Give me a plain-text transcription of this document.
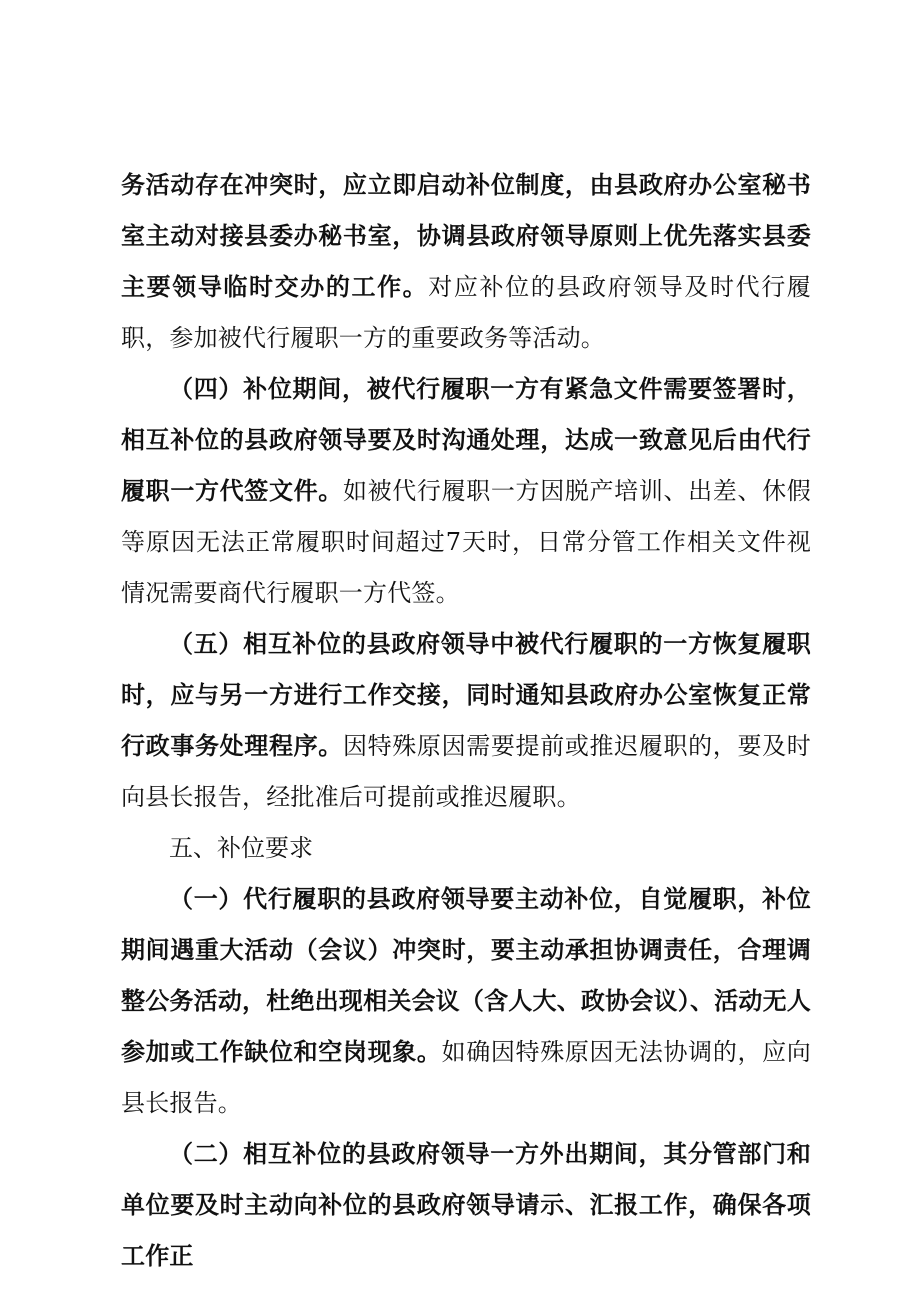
务活动存在冲突时，应立即启动补位制度，由县政府办公室秘书室主动对接县委办秘书室，协调县政府领导原则上优先落实县委主要领导临时交办的工作。对应补位的县政府领导及时代行履职，参加被代行履职一方的重要政务等活动。

（四）补位期间，被代行履职一方有紧急文件需要签署时，相互补位的县政府领导要及时沟通处理，达成一致意见后由代行履职一方代签文件。如被代行履职一方因脱产培训、出差、休假等原因无法正常履职时间超过7天时，日常分管工作相关文件视情况需要商代行履职一方代签。

（五）相互补位的县政府领导中被代行履职的一方恢复履职时，应与另一方进行工作交接，同时通知县政府办公室恢复正常行政事务处理程序。因特殊原因需要提前或推迟履职的，要及时向县长报告，经批准后可提前或推迟履职。

五、补位要求

（一）代行履职的县政府领导要主动补位，自觉履职，补位期间遇重大活动（会议）冲突时，要主动承担协调责任，合理调整公务活动，杜绝出现相关会议（含人大、政协会议）、活动无人参加或工作缺位和空岗现象。如确因特殊原因无法协调的，应向县长报告。

（二）相互补位的县政府领导一方外出期间，其分管部门和单位要及时主动向补位的县政府领导请示、汇报工作，确保各项工作正
